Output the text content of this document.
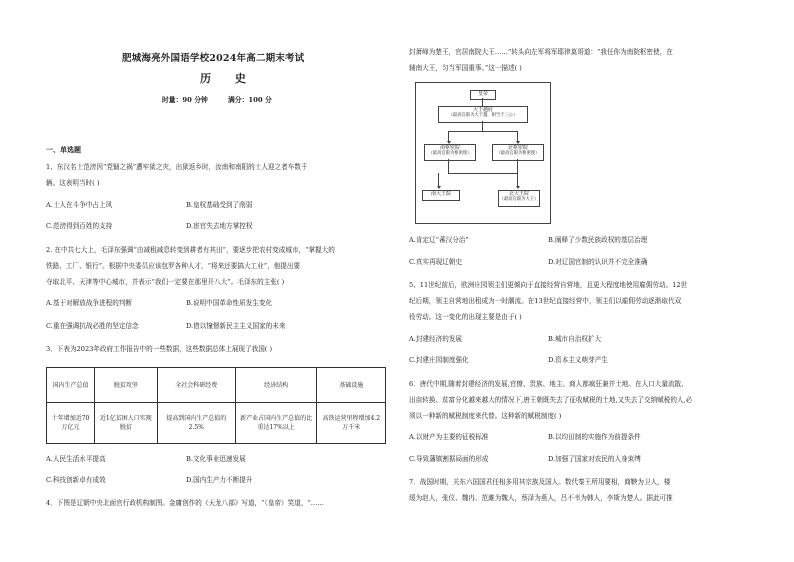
肥城海亮外国语学校2024年高二期末考试
历 史
时量：90 分钟	满分：100 分
一、单选题
1、东汉名士范滂因“党锢之祸”遭牢狱之灾，出狱返乡时，汝南和南阳的士人迎之者车数千
辆。这表明当时( )
A.士人在斗争中占上风	B.皇权基础受到了削弱
C.范滂得到百姓的支持	D.宦官失去地方掌控权
2. 在中共七大上，毛泽东强调“由减租减息转变到耕者有其田”，要逐步把农村变成城市，“掌握大的
铁路、工厂、银行”。根据中央委员应该包罗各种人才，“将来还要搞大工业”，他提出要
夺取北平、天津等中心城市，并表示“我们一定要在那里开八大”。毛泽东的主张( )
A.基于对解放战争进程的判断	B.说明中国革命性质发生变化
C.重在强调抗战必胜的坚定信念	D.借以憧憬新民主主义国家的未来
3．下表为2023年政府工作报告中的一些数据，这些数据总体上展现了我国( )
国内生产总值	脱贫攻坚	全社会科研经费	经济结构	基础设施
十年增加近70万亿元	近1亿贫困人口实现脱贫	提高到国内生产总值的2.5%	新产业占国内生产总值的比重达17%以上	高铁运营里程增加4.2万千米
A.人民生活水平提高	B.文化事业迅速发展
C.科技创新卓有成效	D.国内生产力不断提升
4．下图是辽朝中央北面官行政机构制图。金庸创作的《天龙八部》写道，“（皇帝）笑道，“……
封萧峰为楚王，官居南院大王……”转头向左军将军耶律莫哥道：“我任你为南院枢密使，在
辅南大王，匀当军国重事。”这一描述( )
皇帝
大于越府
（最高官职为大于越，相当于三公）
南枢密院
（最高官职为枢密使）
北枢密院
（最高官职为枢密使）
南大王院	北大王院
（最高官职为大王）
A.肯定辽“蕃汉分治”	B.阐释了少数民族政权的基层治理
C.真实再现辽朝史	D.对辽国官制的认识并不完全准确
5、11世纪前后，欧洲庄园领主们更倾向于直接经营自营地，且更大程度地使用雇佣劳动。12世
纪后期，领主自营地出租成为一时潮流。在13世纪直接经营中，领主们以雇佣劳动逐渐取代双
役劳动。这一变化的出现主要是由于( )
A.封建经济的发展	B.城市自治权扩大
C.封建庄园制度强化	D.资本主义萌芽产生
6．唐代中期,随着封建经济的发展,官僚、贵族、地主、商人都疯狂兼并土地。在人口大量流散、
田亩转换、贫富分化越来越大的情况下,唐王朝既失去了征收赋税的土地,又失去了交纳赋税的人,必
须以一种新的赋税制度来代替。这种新的赋税制度( )
A.以财产为主要的征税标准	B.以均田制的实施作为前提条件
C.导致藩镇割据局面的形成	D.加强了国家对农民的人身束缚
7．战国时期，关东六国国君任相多用其宗族及国人。数代秦王所用要相，商鞅为卫人，楼
缓为赵人，张仪、魏冉、范雎为魏人，蔡泽为燕人，吕不韦为韩人，李斯为楚人。据此可推
